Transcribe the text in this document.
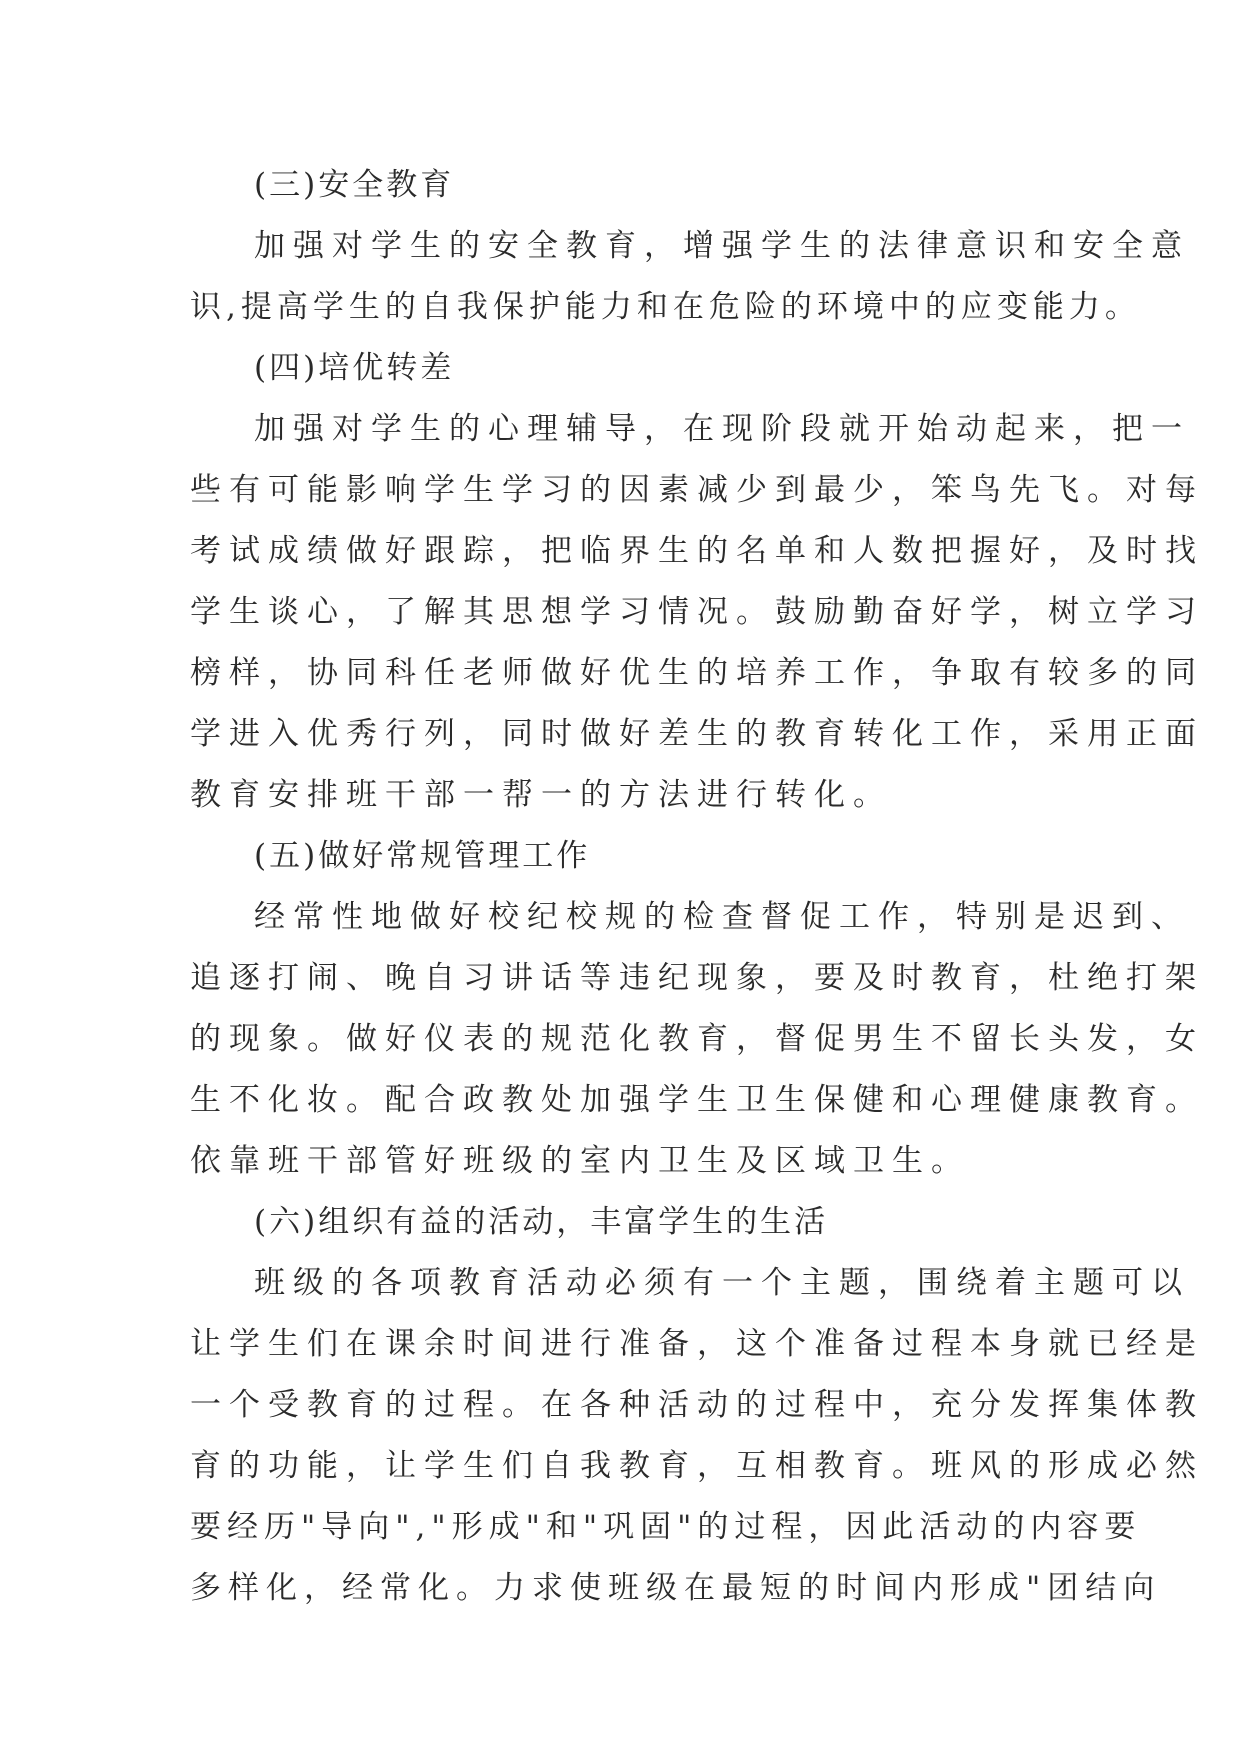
(三)安全教育
加强对学生的安全教育，增强学生的法律意识和安全意
识,提高学生的自我保护能力和在危险的环境中的应变能力。
(四)培优转差
加强对学生的心理辅导，在现阶段就开始动起来，把一
些有可能影响学生学习的因素减少到最少，笨鸟先飞。对每
考试成绩做好跟踪，把临界生的名单和人数把握好，及时找
学生谈心，了解其思想学习情况。鼓励勤奋好学，树立学习
榜样，协同科任老师做好优生的培养工作，争取有较多的同
学进入优秀行列，同时做好差生的教育转化工作，采用正面
教育安排班干部一帮一的方法进行转化。
(五)做好常规管理工作
经常性地做好校纪校规的检查督促工作，特别是迟到、
追逐打闹、晚自习讲话等违纪现象，要及时教育，杜绝打架
的现象。做好仪表的规范化教育，督促男生不留长头发，女
生不化妆。配合政教处加强学生卫生保健和心理健康教育。
依靠班干部管好班级的室内卫生及区域卫生。
(六)组织有益的活动，丰富学生的生活
班级的各项教育活动必须有一个主题，围绕着主题可以
让学生们在课余时间进行准备，这个准备过程本身就已经是
一个受教育的过程。在各种活动的过程中，充分发挥集体教
育的功能，让学生们自我教育，互相教育。班风的形成必然
要经历"导向","形成"和"巩固"的过程，因此活动的内容要
多样化，经常化。力求使班级在最短的时间内形成"团结向
